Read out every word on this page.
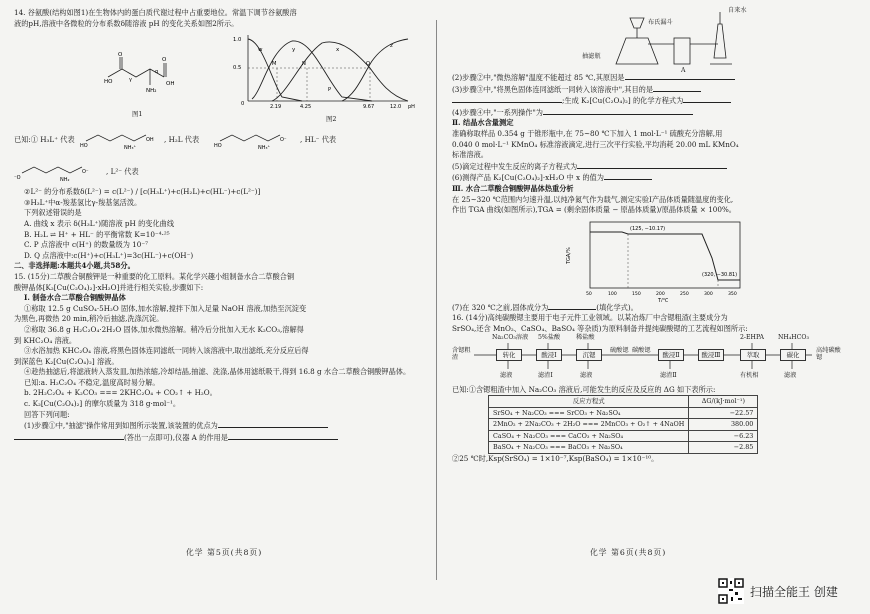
14. 谷氨酸(结构如图1)在生物体内的蛋白质代谢过程中占重要地位。常温下调节谷氨酸溶

液的pH,溶液中各微粒的分布系数δ随溶液 pH 的变化关系如图2所示。

O
O
HO	OH
NH₂
γ
α
图1
1.0
0.5
0
w	x
y
z
M	N
P
Q
2.19	4.25	9.67	12.0 pH
图2
已知:① H₃L⁺ 代表
HO
OH
NH₃⁺
, H₂L 代表
HO
O⁻
NH₃⁺
, HL⁻ 代表
⁻O
O⁻
NH₂
, L²⁻ 代表

②L²⁻ 的分布系数δ(L²⁻) = c(L²⁻) / [c(H₃L⁺)+c(H₂L)+c(HL⁻)+c(L²⁻)]

③H₃L⁺中α-羧基氢比γ-羧基氢活泼。

下列叙述错误的是

A. 曲线 x 表示 δ(H₃L⁺)随溶液 pH 的变化曲线

B. H₂L ⇌ H⁺ + HL⁻ 的平衡常数 K=10⁻⁴·²⁵

C. P 点溶液中 c(H⁺) 的数量级为 10⁻⁷

D. Q 点溶液中:c(H⁺)+c(H₃L⁺)=3c(HL⁻)+c(OH⁻)

二、非选择题:本题共4小题,共58分。

15. (15分)二草酸合铜酸钾是一种重要的化工原料。某化学兴趣小组制备水合二草酸合铜

酸钾晶体[K₂[Cu(C₂O₄)₂]·xH₂O]并进行相关实验,步骤如下:

Ⅰ. 制备水合二草酸合铜酸钾晶体

①称取 12.5 g CuSO₄·5H₂O 固体,加水溶解,搅拌下加入足量 NaOH 溶液,加热至沉淀变

为黑色,再微热 20 min,稍冷后抽滤,洗涤沉淀。

②称取 36.8 g H₂C₂O₄·2H₂O 固体,加水微热溶解。稍冷后分批加入无水 K₂CO₃,溶解得

到 KHC₂O₄ 溶液。

③水浴加热 KHC₂O₄ 溶液,将黑色固体连同滤纸一同转入该溶液中,取出滤纸,充分反应后得

到深蓝色 K₂[Cu(C₂O₄)₂] 溶液。

④趁热抽滤后,将滤液转入蒸发皿,加热浓缩,冷却结晶,抽滤、洗涤,晶体用滤纸吸干,得到 16.8 g 水合二草酸合铜酸钾晶体。

已知:a. H₂C₂O₄ 不稳定,温度高时易分解。

b. 2H₂C₂O₄ + K₂CO₃ === 2KHC₂O₄ + CO₂↑ + H₂O。

c. K₂[Cu(C₂O₄)₂] 的摩尔质量为 318 g·mol⁻¹。

回答下列问题:

(1)步骤①中,"抽滤"操作常用到如图所示装置,该装置的优点为

(答出一点即可),仪器 A 的作用是

化学 第5页(共8页)
自来水
布氏漏斗
抽滤瓶
A

(2)步骤②中,"微热溶解"温度不能超过 85 ℃,其原因是

(3)步骤③中,"将黑色固体连同滤纸一同转入该溶液中",其目的是

;生成 K₂[Cu(C₂O₄)₂] 的化学方程式为

(4)步骤④中,"一系列操作"为

Ⅱ. 结晶水含量测定

准确称取样品 0.354 g 于锥形瓶中,在 75~80 ℃下加入 1 mol·L⁻¹ 硫酸充分溶解,用

0.040 0 mol·L⁻¹ KMnO₄ 标准溶液滴定,进行三次平行实验,平均消耗 20.00 mL KMnO₄

标准溶液。

(5)滴定过程中发生反应的离子方程式为

(6)测得产品 K₂[Cu(C₂O₄)₂]·xH₂O 中 x 的值为

Ⅲ. 水合二草酸合铜酸钾晶体热重分析

在 25~320 ℃范围内匀速升温,以纯净氮气作为载气,测定实验Ⅰ产品体质量随温度的变化,

作出 TGA 曲线(如图所示),TGA = (剩余固体质量 − 原晶体质量)/原晶体质量 × 100%。

TGA/%
(125, −10.17)
(320, −30.81)
50	100	150	200	250	300	350
T/℃

(7)在 320 ℃之前,固体成分为	(填化学式)。

16. (14分)高纯碳酸锶主要用于电子元件工业领域。以某冶炼厂中含锶粗渣(主要成分为

SrSO₄,还含 MnO₂、CaSO₄、BaSO₄ 等杂质)为原料制备并提纯碳酸锶的工艺流程如图所示:

Na₂CO₃溶液 5%盐酸	稀盐酸	2-EHPA NH₄HCO₃
含锶粗渣	转化	酸浸Ⅰ	沉锶
硫酸锶
酸浸Ⅱ	酸浸Ⅲ
碳酸锶
萃取	碳化
高纯碳酸锶
滤液	滤渣Ⅰ	滤液	滤渣Ⅱ	有机相	滤液

已知:①含锶粗渣中加入 Na₂CO₃ 溶液后,可能发生的反应及反应的 ΔG 如下表所示:

反应方程式	ΔG/(kJ·mol⁻¹)
SrSO₄ + Na₂CO₃ === SrCO₃ + Na₂SO₄	−22.57
2MnO₂ + 2Na₂CO₃ + 2H₂O === 2MnCO₃ + O₂↑ + 4NaOH	380.00
CaSO₄ + Na₂CO₃ === CaCO₃ + Na₂SO₄	−6.23
BaSO₄ + Na₂CO₃ === BaCO₃ + Na₂SO₄	−2.85

②25 ℃时,Ksp(SrSO₄) = 1×10⁻⁷,Ksp(BaSO₄) = 1×10⁻¹⁰。

化学 第6页(共8页)
扫描全能王 创建
